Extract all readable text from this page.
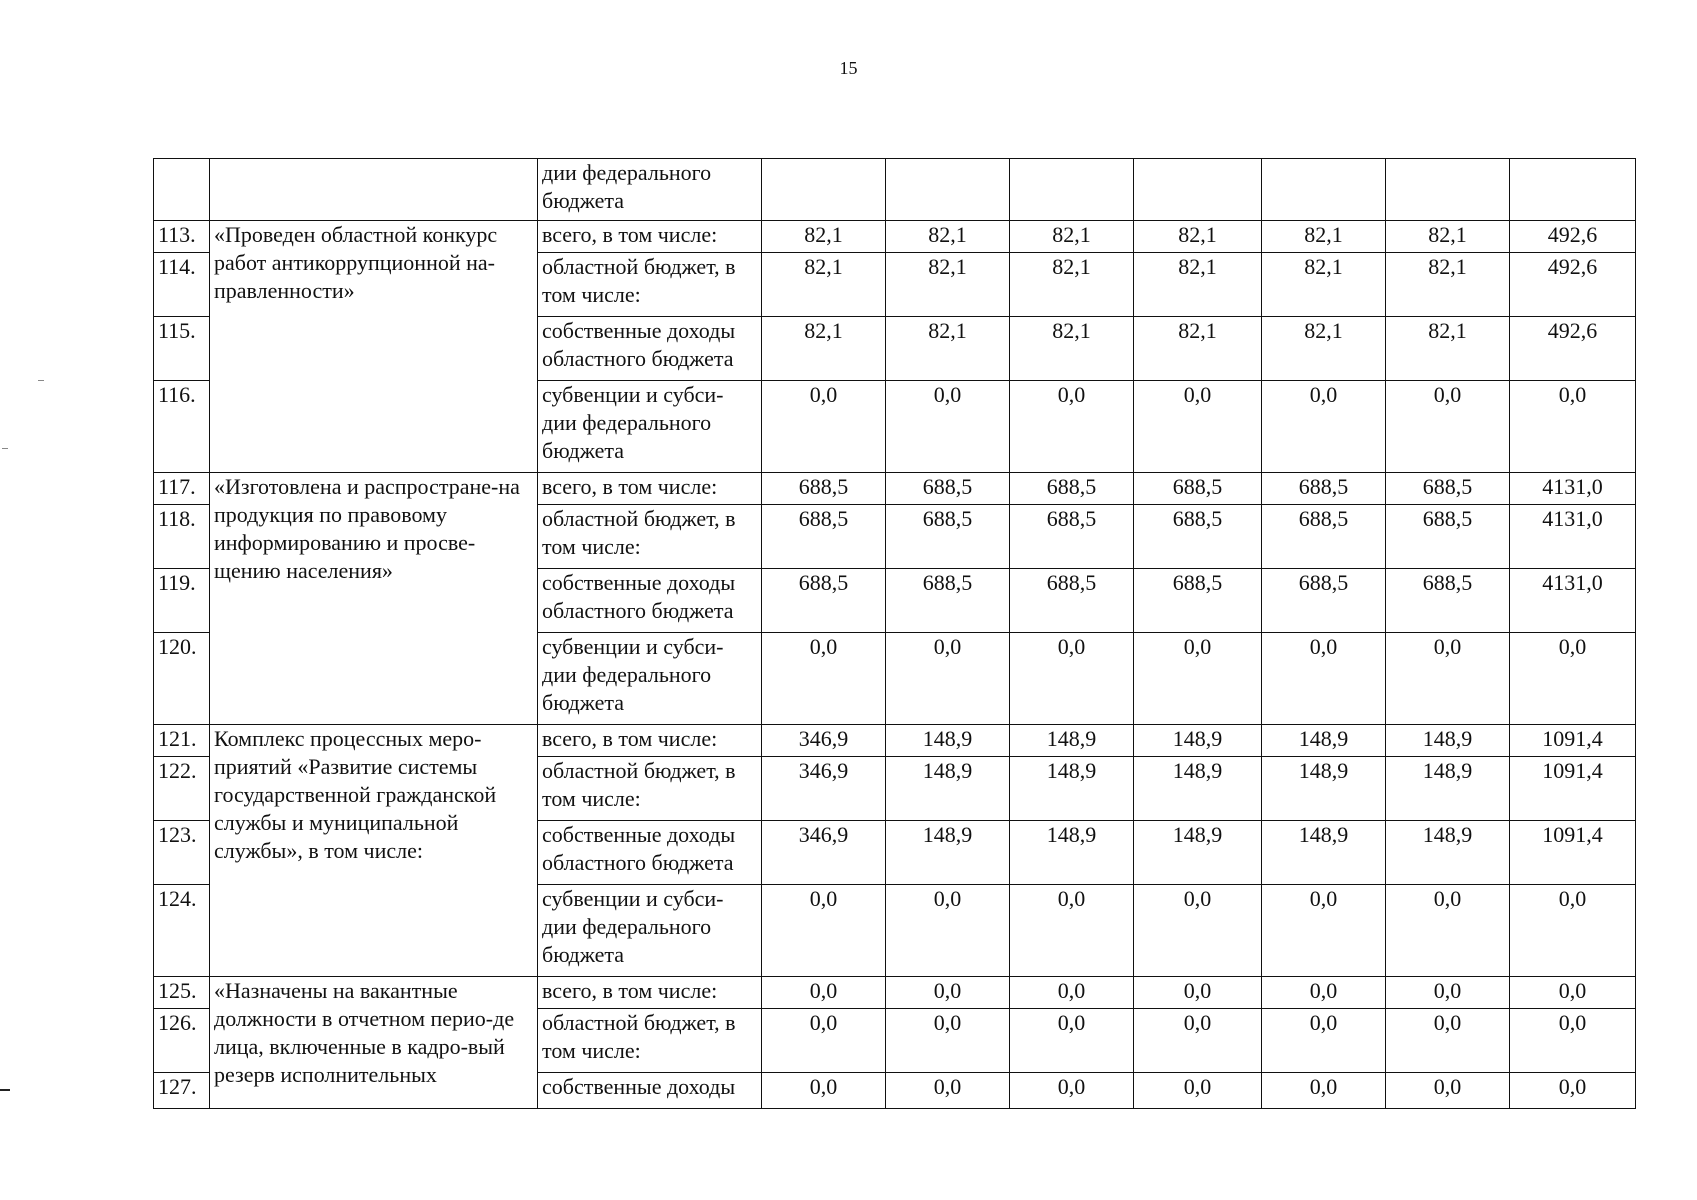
15
		дии федерального бюджета							
113.	«Проведен областной конкурс работ антикоррупционной на-правленности»	всего, в том числе:	82,1	82,1	82,1	82,1	82,1	82,1	492,6
114.		областной бюджет, в том числе:	82,1	82,1	82,1	82,1	82,1	82,1	492,6
115.		собственные доходы областного бюджета	82,1	82,1	82,1	82,1	82,1	82,1	492,6
116.		субвенции и субси-дии федерального бюджета	0,0	0,0	0,0	0,0	0,0	0,0	0,0
117.	«Изготовлена и распростране-на продукция по правовому информированию и просве-щению населения»	всего, в том числе:	688,5	688,5	688,5	688,5	688,5	688,5	4131,0
118.		областной бюджет, в том числе:	688,5	688,5	688,5	688,5	688,5	688,5	4131,0
119.		собственные доходы областного бюджета	688,5	688,5	688,5	688,5	688,5	688,5	4131,0
120.		субвенции и субси-дии федерального бюджета	0,0	0,0	0,0	0,0	0,0	0,0	0,0
121.	Комплекс процессных меро-приятий «Развитие системы государственной гражданской службы и муниципальной службы», в том числе:	всего, в том числе:	346,9	148,9	148,9	148,9	148,9	148,9	1091,4
122.		областной бюджет, в том числе:	346,9	148,9	148,9	148,9	148,9	148,9	1091,4
123.		собственные доходы областного бюджета	346,9	148,9	148,9	148,9	148,9	148,9	1091,4
124.		субвенции и субси-дии федерального бюджета	0,0	0,0	0,0	0,0	0,0	0,0	0,0
125.	«Назначены на вакантные должности в отчетном перио-де лица, включенные в кадро-вый резерв исполнительных	всего, в том числе:	0,0	0,0	0,0	0,0	0,0	0,0	0,0
126.		областной бюджет, в том числе:	0,0	0,0	0,0	0,0	0,0	0,0	0,0
127.		собственные доходы	0,0	0,0	0,0	0,0	0,0	0,0	0,0
